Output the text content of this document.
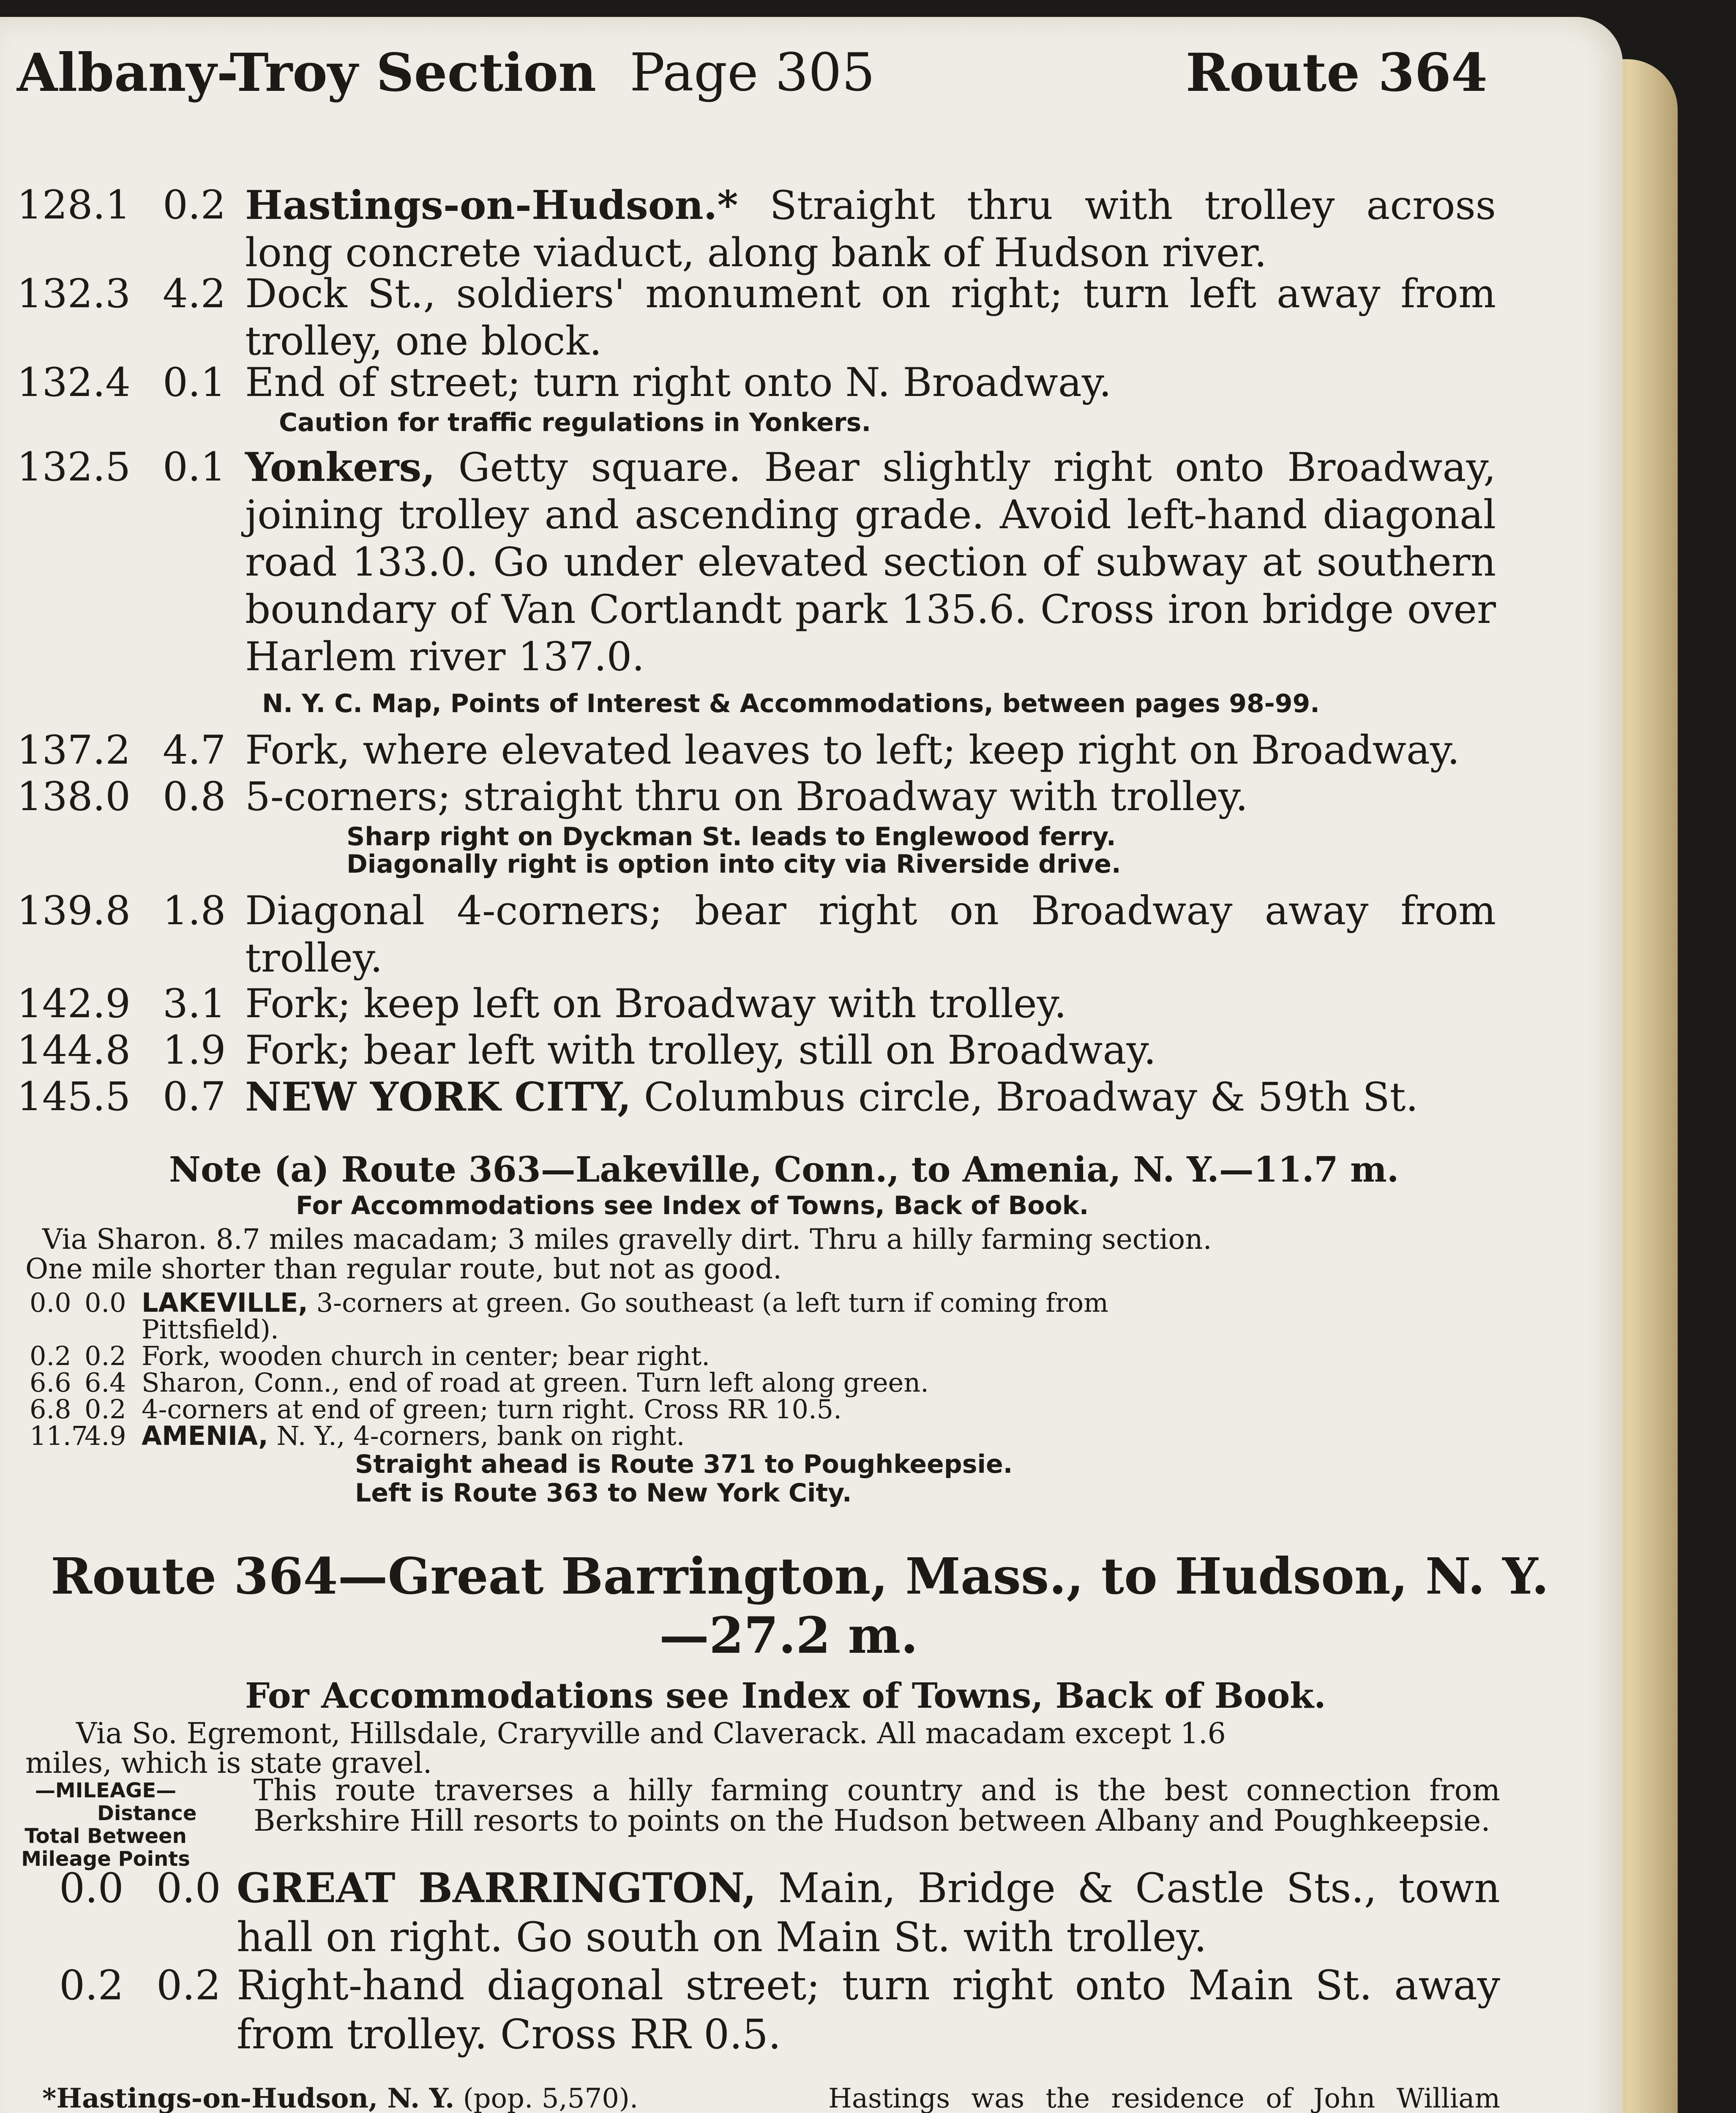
Albany-Troy Section Page 305	Route 364
128.1 0.2 Hastings-on-Hudson.* Straight thru with trolley across long concrete viaduct, along bank of Hudson river.
132.3 4.2 Dock St., soldiers' monument on right; turn left away from trolley, one block.
132.4 0.1 End of street; turn right onto N. Broadway.
Caution for traffic regulations in Yonkers.
132.5 0.1 Yonkers, Getty square. Bear slightly right onto Broadway, joining trolley and ascending grade. Avoid left-hand diagonal road 133.0. Go under elevated section of subway at southern boundary of Van Cortlandt park 135.6. Cross iron bridge over Harlem river 137.0.
N. Y. C. Map, Points of Interest & Accommodations, between pages 98-99.
137.2 4.7 Fork, where elevated leaves to left; keep right on Broadway.
138.0 0.8 5-corners; straight thru on Broadway with trolley.
Sharp right on Dyckman St. leads to Englewood ferry.
Diagonally right is option into city via Riverside drive.
139.8 1.8 Diagonal 4-corners; bear right on Broadway away from trolley.
142.9 3.1 Fork; keep left on Broadway with trolley.
144.8 1.9 Fork; bear left with trolley, still on Broadway.
145.5 0.7 NEW YORK CITY, Columbus circle, Broadway & 59th St.
Note (a) Route 363—Lakeville, Conn., to Amenia, N. Y.—11.7 m.
For Accommodations see Index of Towns, Back of Book.
Via Sharon. 8.7 miles macadam; 3 miles gravelly dirt. Thru a hilly farming section.
One mile shorter than regular route, but not as good.
0.0 0.0 LAKEVILLE, 3-corners at green. Go southeast (a left turn if coming from
Pittsfield).
0.2 0.2 Fork, wooden church in center; bear right.
6.6 6.4 Sharon, Conn., end of road at green. Turn left along green.
6.8 0.2 4-corners at end of green; turn right. Cross RR 10.5.
11.7
4.9 AMENIA, N. Y., 4-corners, bank on right.
Straight ahead is Route 371 to Poughkeepsie.
Left is Route 363 to New York City.
Route 364—Great Barrington, Mass., to Hudson, N. Y.
—27.2 m.
For Accommodations see Index of Towns, Back of Book.
Via So. Egremont, Hillsdale, Craryville and Claverack. All macadam except 1.6
miles, which is state gravel.
—MILEAGE—
Distance
Total Between
Mileage Points
This route traverses a hilly farming country and is the best connection from Berkshire Hill resorts to points on the Hudson between Albany and Poughkeepsie.
0.0 0.0 GREAT BARRINGTON, Main, Bridge & Castle Sts., town hall on right. Go south on Main St. with trolley.
0.2 0.2 Right-hand diagonal street; turn right onto Main St. away from trolley. Cross RR 0.5.

*Hastings-on-Hudson, N. Y. (pop. 5,570).	Hastings was the residence of John William
